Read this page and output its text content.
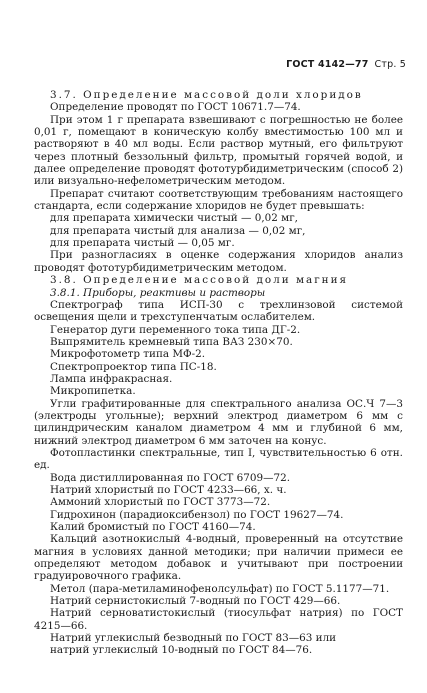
ГОСТ 4142—77 Стр. 5

3.7. Определение массовой доли хлоридов

Определение проводят по ГОСТ 10671.7—74.

При этом 1 г препарата взвешивают с погрешностью не более 0,01 г, помещают в коническую колбу вместимостью 100 мл и растворяют в 40 мл воды. Если раствор мутный, его фильтруют через плотный беззольный фильтр, промытый горячей водой, и далее определение проводят фототурбидиметрическим (способ 2) или визуально-нефелометрическим методом.

Препарат считают соответствующим требованиям настоящего стандарта, если содержание хлоридов не будет превышать:

для препарата химически чистый — 0,02 мг,

для препарата чистый для анализа — 0,02 мг,

для препарата чистый — 0,05 мг.

При разногласиях в оценке содержания хлоридов анализ проводят фототурбидиметрическим методом.

3.8. Определение массовой доли магния

3.8.1. Приборы, реактивы и растворы

Спектрограф типа ИСП-30 с трехлинзовой системой освещения щели и трехступенчатым ослабителем.

Генератор дуги переменного тока типа ДГ-2.

Выпрямитель кремневый типа ВАЗ 230×70.

Микрофотометр типа МФ-2.

Спектропроектор типа ПС-18.

Лампа инфракрасная.

Микропипетка.

Угли графитированные для спектрального анализа ОС.Ч 7—3 (электроды угольные); верхний электрод диаметром 6 мм с цилиндрическим каналом диаметром 4 мм и глубиной 6 мм, нижний электрод диаметром 6 мм заточен на конус.

Фотопластинки спектральные, тип I, чувствительностью 6 отн. ед.

Вода дистиллированная по ГОСТ 6709—72.

Натрий хлористый по ГОСТ 4233—66, х. ч.

Аммоний хлористый по ГОСТ 3773—72.

Гидрохинон (парадиоксибензол) по ГОСТ 19627—74.

Калий бромистый по ГОСТ 4160—74.

Кальций азотнокислый 4-водный, проверенный на отсутствие магния в условиях данной методики; при наличии примеси ее определяют методом добавок и учитывают при построении градуировочного графика.

Метол (пара-метиламинофенолсульфат) по ГОСТ 5.1177—71.

Натрий сернистокислый 7-водный по ГОСТ 429—66.

Натрий серноватистокислый (тиосульфат натрия) по ГОСТ 4215—66.

Натрий углекислый безводный по ГОСТ 83—63 или

натрий углекислый 10-водный по ГОСТ 84—76.
